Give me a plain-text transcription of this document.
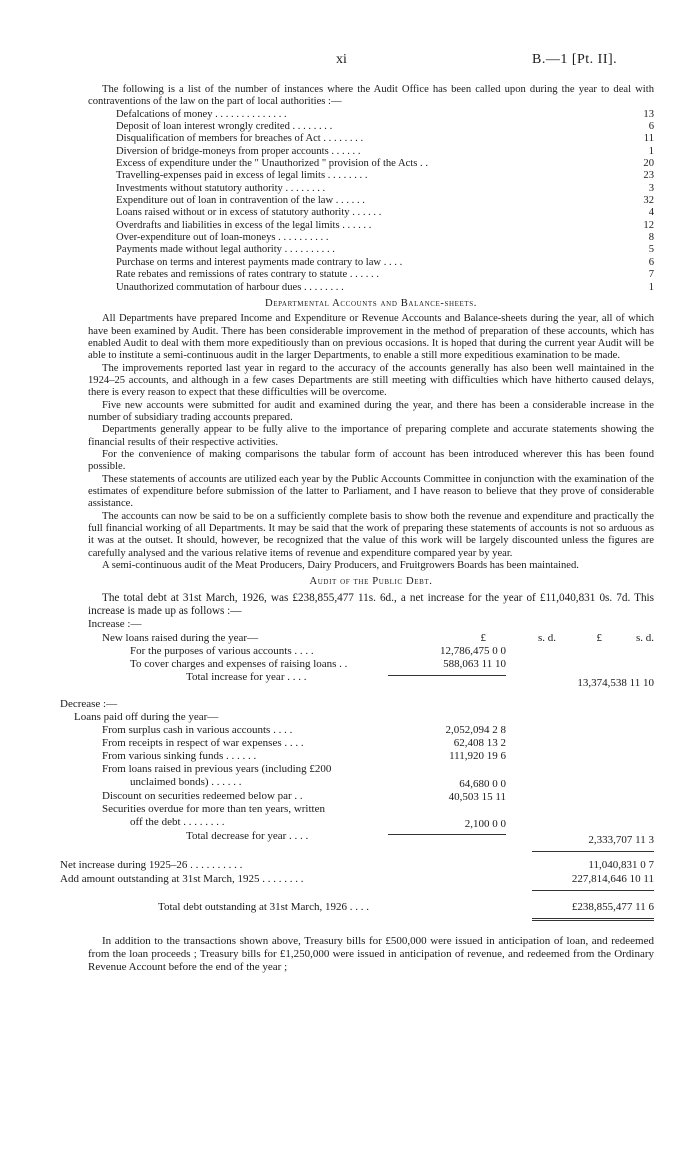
xi	B.—1 [Pt. II].

The following is a list of the number of instances where the Audit Office has been called upon during the year to deal with contraventions of the law on the part of local authorities :—

Defalcations of money . . . . . . . . . . . . . .	13
Deposit of loan interest wrongly credited . . . . . . . .	6
Disqualification of members for breaches of Act . . . . . . . .	11
Diversion of bridge-moneys from proper accounts . . . . . .	1
Excess of expenditure under the " Unauthorized " provision of the Acts . .	20
Travelling-expenses paid in excess of legal limits . . . . . . . .	23
Investments without statutory authority . . . . . . . .	3
Expenditure out of loan in contravention of the law . . . . . .	32
Loans raised without or in excess of statutory authority . . . . . .	4
Overdrafts and liabilities in excess of the legal limits . . . . . .	12
Over-expenditure out of loan-moneys . . . . . . . . . .	8
Payments made without legal authority . . . . . . . . . .	5
Purchase on terms and interest payments made contrary to law . . . .	6
Rate rebates and remissions of rates contrary to statute . . . . . .	7
Unauthorized commutation of harbour dues . . . . . . . .	1
Departmental Accounts and Balance-sheets.

All Departments have prepared Income and Expenditure or Revenue Accounts and Balance-sheets during the year, all of which have been examined by Audit. There has been considerable improvement in the method of preparation of these accounts, which has enabled Audit to deal with them more expeditiously than on previous occasions. It is hoped that during the current year Audit will be able to institute a semi-continuous audit in the larger Departments, to enable a still more expeditious examination to be made.

The improvements reported last year in regard to the accuracy of the accounts generally has also been well maintained in the 1924–25 accounts, and although in a few cases Departments are still meeting with difficulties which have hitherto caused delays, there is every reason to expect that these difficulties will be overcome.

Five new accounts were submitted for audit and examined during the year, and there has been a considerable increase in the number of subsidiary trading accounts prepared.

Departments generally appear to be fully alive to the importance of preparing complete and accurate statements showing the financial results of their respective activities.

For the convenience of making comparisons the tabular form of account has been introduced wherever this has been found possible.

These statements of accounts are utilized each year by the Public Accounts Committee in conjunction with the examination of the estimates of expenditure before submission of the latter to Parliament, and I have reason to believe that they prove of considerable assistance.

The accounts can now be said to be on a sufficiently complete basis to show both the revenue and expenditure and practically the full financial working of all Departments. It may be said that the work of preparing these statements of accounts is not so arduous as it was at the outset. It should, however, be recognized that the value of this work will be largely discounted unless the figures are carefully analysed and the various relative items of revenue and expenditure compared year by year.

A semi-continuous audit of the Meat Producers, Dairy Producers, and Fruitgrowers Boards has been maintained.

Audit of the Public Debt.

The total debt at 31st March, 1926, was £238,855,477 11s. 6d., a net increase for the year of £11,040,831 0s. 7d. This increase is made up as follows :—

Increase :—
New loans raised during the year—	£	s. d.	£	s. d.
For the purposes of various accounts . . . .	12,786,475 0 0
To cover charges and expenses of raising loans . .	588,063 11 10
Total increase for year . . . .	13,374,538 11 10
Decrease :—
Loans paid off during the year—
From surplus cash in various accounts . . . .	2,052,094 2 8
From receipts in respect of war expenses . . . .	62,408 13 2
From various sinking funds . . . . . .	111,920 19 6
From loans raised in previous years (including £200
unclaimed bonds) . . . . . .	64,680 0 0
Discount on securities redeemed below par . .	40,503 15 11
Securities overdue for more than ten years, written
off the debt . . . . . . . .	2,100 0 0
Total decrease for year . . . .	2,333,707 11 3
Net increase during 1925–26 . . . . . . . . . .	11,040,831 0 7
Add amount outstanding at 31st March, 1925 . . . . . . . .	227,814,646 10 11
Total debt outstanding at 31st March, 1926 . . . .	£238,855,477 11 6

In addition to the transactions shown above, Treasury bills for £500,000 were issued in anticipation of loan, and redeemed from the loan proceeds ; Treasury bills for £1,250,000 were issued in anticipation of revenue, and redeemed from the Ordinary Revenue Account before the end of the year ;
